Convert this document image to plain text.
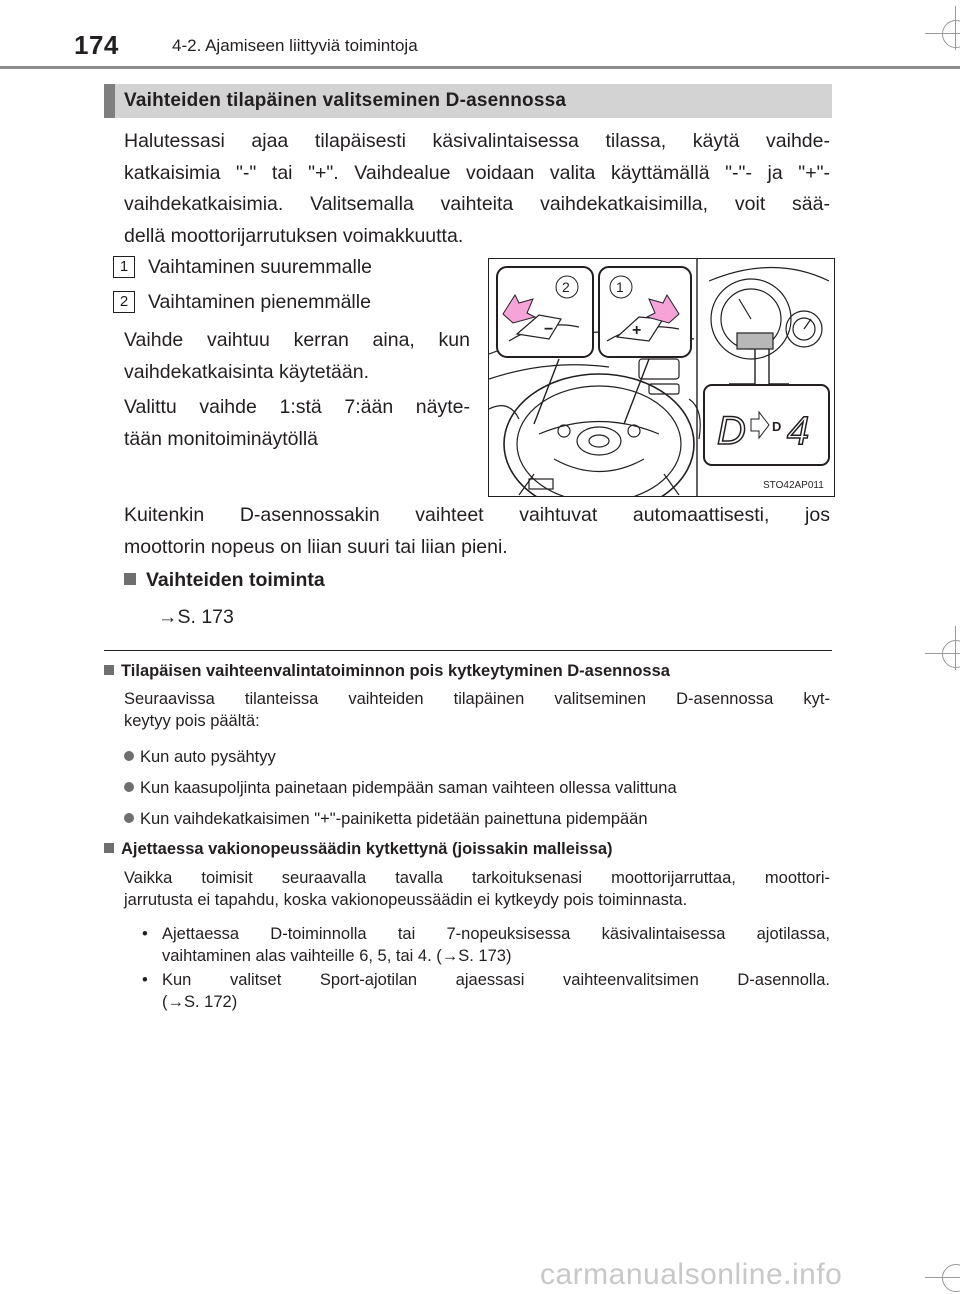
174	4-2. Ajamiseen liittyviä toimintoja
Vaihteiden tilapäinen valitseminen D-asennossa
Halutessasi ajaa tilapäisesti käsivalintaisessa tilassa, käytä vaihde-
katkaisimia "-" tai "+". Vaihdealue voidaan valita käyttämällä "-"- ja "+"-
vaihdekatkaisimia. Valitsemalla vaihteita vaihdekatkaisimilla, voit sää-
dellä moottorijarrutuksen voimakkuutta.
1 Vaihtaminen suuremmalle
2 Vaihtaminen pienemmälle
Vaihde vaihtuu kerran aina, kun
vaihdekatkaisinta käytetään.
Valittu vaihde 1:stä 7:ään näyte-
tään monitoiminäytöllä
−
2
+
1
D D 4
STO42AP011
Kuitenkin D-asennossakin vaihteet vaihtuvat automaattisesti, jos
moottorin nopeus on liian suuri tai liian pieni.
Vaihteiden toiminta
→S. 173
Tilapäisen vaihteenvalintatoiminnon pois kytkeytyminen D-asennossa
Seuraavissa tilanteissa vaihteiden tilapäinen valitseminen D-asennossa kyt-
keytyy pois päältä:
Kun auto pysähtyy
Kun kaasupoljinta painetaan pidempään saman vaihteen ollessa valittuna
Kun vaihdekatkaisimen "+"-painiketta pidetään painettuna pidempään
Ajettaessa vakionopeussäädin kytkettynä (joissakin malleissa)
Vaikka toimisit seuraavalla tavalla tarkoituksenasi moottorijarruttaa, moottori-
jarrutusta ei tapahdu, koska vakionopeussäädin ei kytkeydy pois toiminnasta.
• Ajettaessa D-toiminnolla tai 7-nopeuksisessa käsivalintaisessa ajotilassa,
vaihtaminen alas vaihteille 6, 5, tai 4. (→S. 173)
• Kun valitset Sport-ajotilan ajaessasi vaihteenvalitsimen D-asennolla.
(→S. 172)
carmanualsonline.info
